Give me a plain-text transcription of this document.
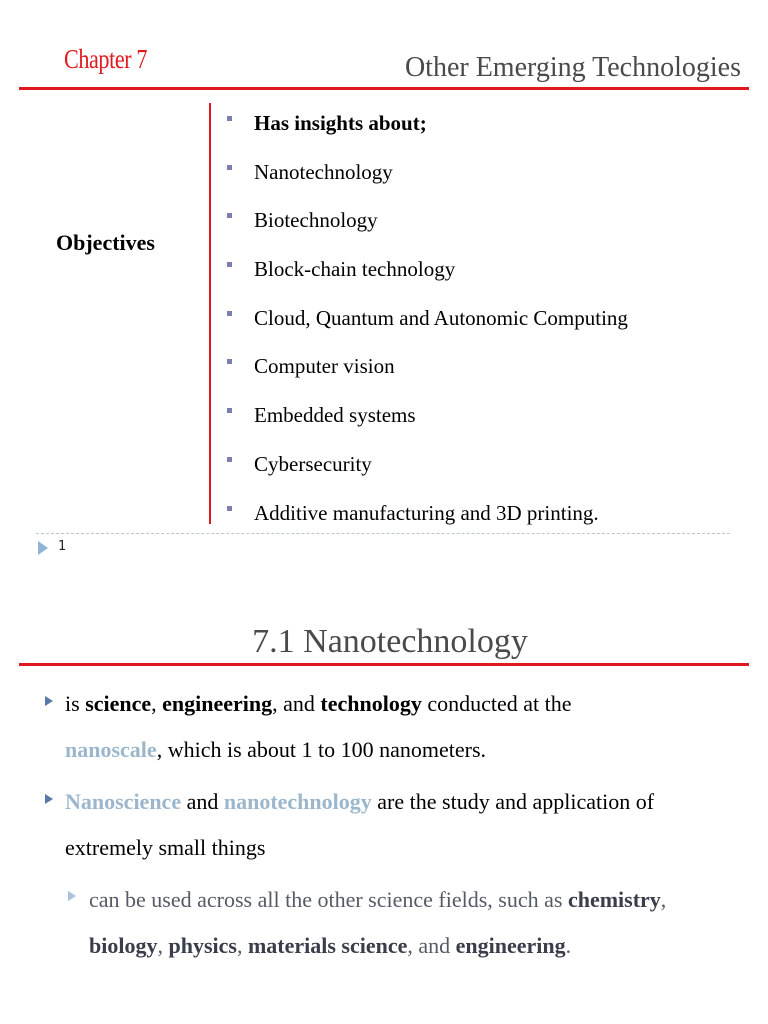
Chapter 7	Other Emerging Technologies
Objectives
Has insights about;
Nanotechnology
Biotechnology
Block-chain technology
Cloud, Quantum and Autonomic Computing
Computer vision
Embedded systems
Cybersecurity
Additive manufacturing and 3D printing.
1
7.1 Nanotechnology
is science, engineering, and technology conducted at the
nanoscale, which is about 1 to 100 nanometers.
Nanoscience and nanotechnology are the study and application of extremely small things
can be used across all the other science fields, such as chemistry, biology, physics, materials science, and engineering.
